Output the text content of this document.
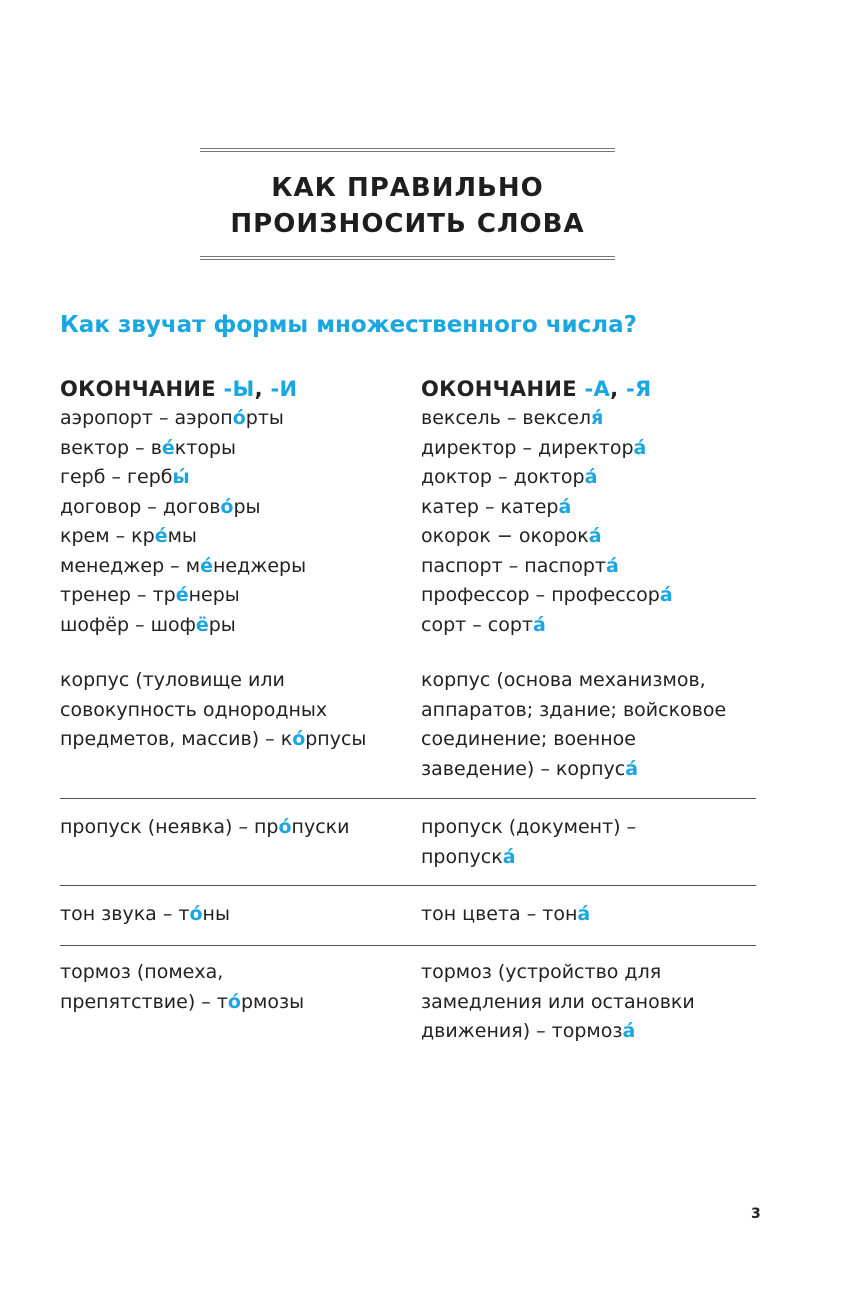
КАК ПРАВИЛЬНО
ПРОИЗНОСИТЬ СЛОВА
Как звучат формы множественного числа?
ОКОНЧАНИЕ -Ы, -И
аэропорт – аэропо́рты
вектор – ве́кторы
герб – гербы́
договор – догово́ры
крем – кре́мы
менеджер – ме́неджеры
тренер – тре́неры
шофёр – шофёры
ОКОНЧАНИЕ -А, -Я
вексель – векселя́
директор – директора́
доктор – доктора́
катер – катера́
окорок − окорока́
паспорт – паспорта́
профессор – профессора́
сорт – сорта́
корпус (туловище или
совокупность однородных
предметов, массив) – ко́рпусы
корпус (основа механизмов,
аппаратов; здание; войсковое
соединение; военное
заведение) – корпуса́
пропуск (неявка) – про́пуски	пропуск (документ) –
пропуска́
тон звука – то́ны	тон цвета – тона́
тормоз (помеха,
препятствие) – то́рмозы
тормоз (устройство для
замедления или остановки
движения) – тормоза́
3
